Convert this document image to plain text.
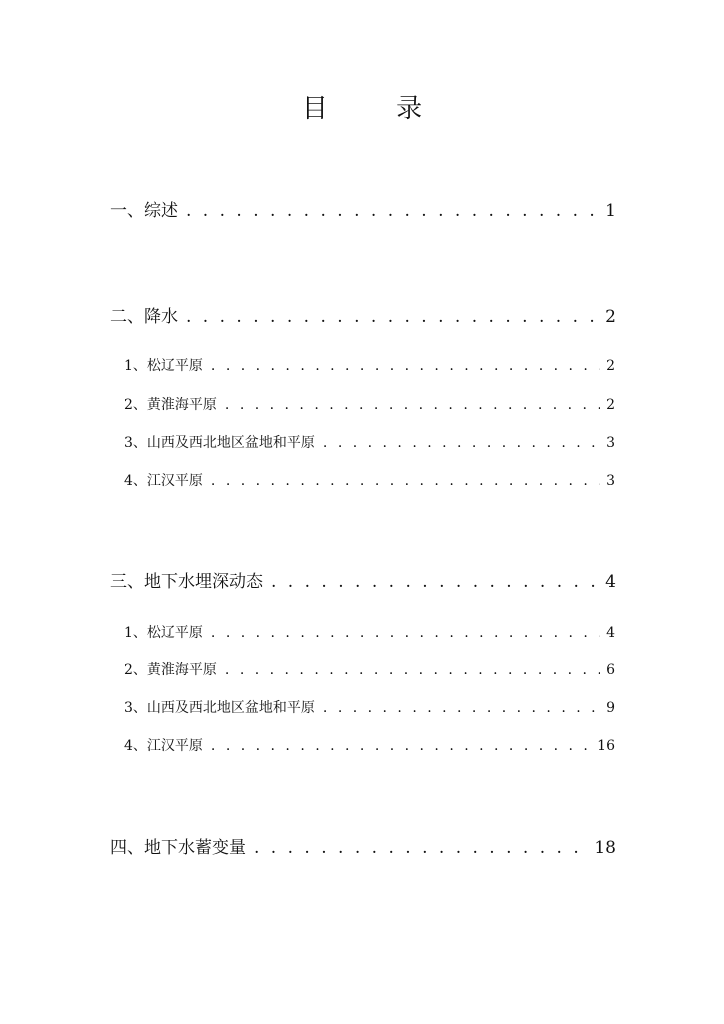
目 录
一、综述 . . .	1
二、降水 . . .	2
1、松辽平原 . . .	2
2、黄淮海平原 . . .	2
3、山西及西北地区盆地和平原 . . .	3
4、江汉平原 . . .	3
三、地下水埋深动态 . . .	4
1、松辽平原 . . .	4
2、黄淮海平原 . . .	6
3、山西及西北地区盆地和平原 . . .	9
4、江汉平原 . . .	16
四、地下水蓄变量 . . .	18
